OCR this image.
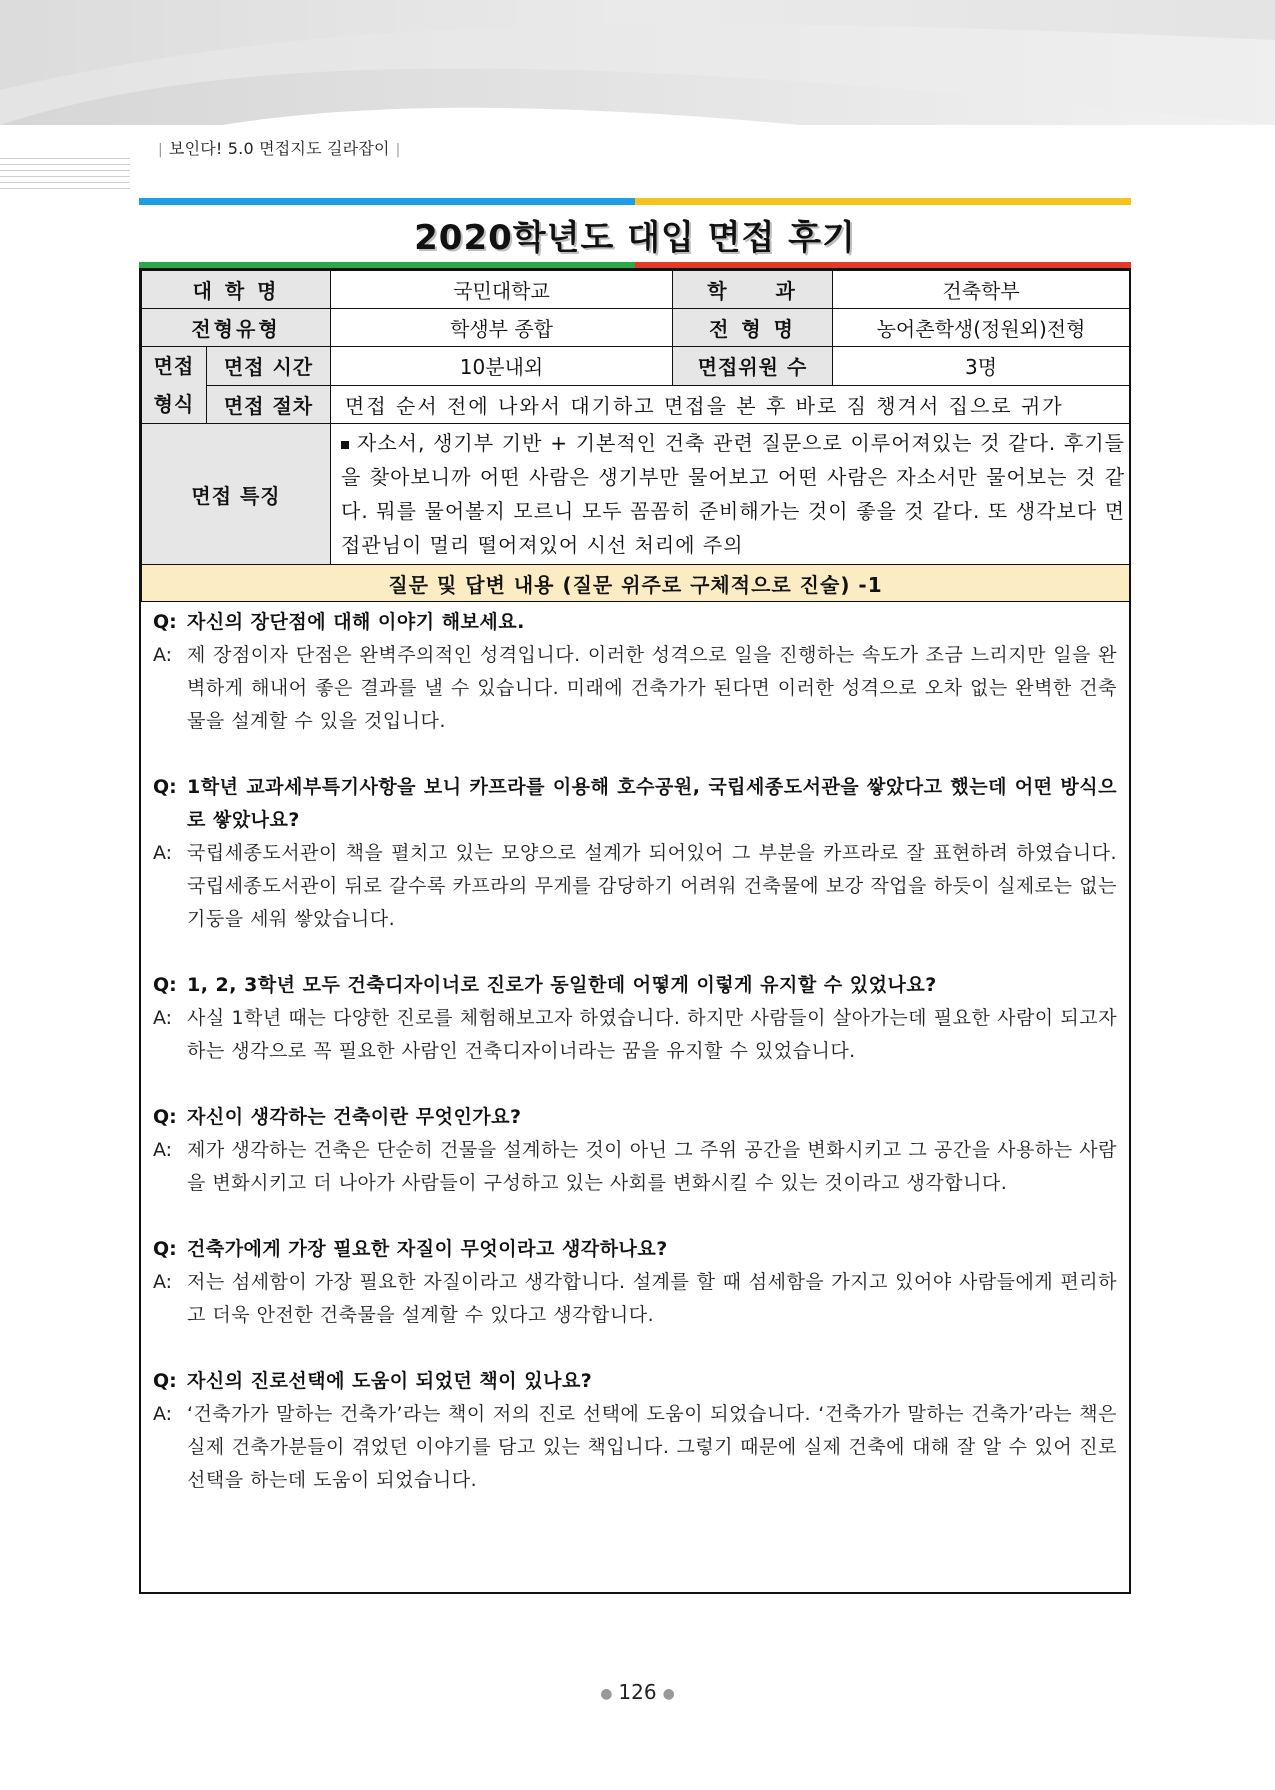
| 보인다! 5.0 면접지도 길라잡이 |
2020학년도 대입 면접 후기
대 학 명		국민대학교	학　　과	건축학부
전형유형		학생부 종합	전 형 명	농어촌학생(정원외)전형
면접 형식	면접 시간	10분내외	면접위원 수	3명
	면접 절차	면접 순서 전에 나와서 대기하고 면접을 본 후 바로 짐 챙겨서 집으로 귀가		
면접 특징		자소서, 생기부 기반 + 기본적인 건축 관련 질문으로 이루어져있는 것 같다. 후기들을 찾아보니까 어떤 사람은 생기부만 물어보고 어떤 사람은 자소서만 물어보는 것 같다. 뭐를 물어볼지 모르니 모두 꼼꼼히 준비해가는 것이 좋을 것 같다. 또 생각보다 면접관님이 멀리 떨어져있어 시선 처리에 주의		
질문 및 답변 내용 (질문 위주로 구체적으로 진술) -1				
Q: 자신의 장단점에 대해 이야기 해보세요.
A: 제 장점이자 단점은 완벽주의적인 성격입니다. 이러한 성격으로 일을 진행하는 속도가 조금 느리지만 일을 완벽하게 해내어 좋은 결과를 낼 수 있습니다. 미래에 건축가가 된다면 이러한 성격으로 오차 없는 완벽한 건축물을 설계할 수 있을 것입니다.
Q: 1학년 교과세부특기사항을 보니 카프라를 이용해 호수공원, 국립세종도서관을 쌓았다고 했는데 어떤 방식으로 쌓았나요?
A: 국립세종도서관이 책을 펼치고 있는 모양으로 설계가 되어있어 그 부분을 카프라로 잘 표현하려 하였습니다. 국립세종도서관이 뒤로 갈수록 카프라의 무게를 감당하기 어려워 건축물에 보강 작업을 하듯이 실제로는 없는 기둥을 세워 쌓았습니다.
Q: 1, 2, 3학년 모두 건축디자이너로 진로가 동일한데 어떻게 이렇게 유지할 수 있었나요?
A: 사실 1학년 때는 다양한 진로를 체험해보고자 하였습니다. 하지만 사람들이 살아가는데 필요한 사람이 되고자하는 생각으로 꼭 필요한 사람인 건축디자이너라는 꿈을 유지할 수 있었습니다.
Q: 자신이 생각하는 건축이란 무엇인가요?
A: 제가 생각하는 건축은 단순히 건물을 설계하는 것이 아닌 그 주위 공간을 변화시키고 그 공간을 사용하는 사람을 변화시키고 더 나아가 사람들이 구성하고 있는 사회를 변화시킬 수 있는 것이라고 생각합니다.
Q: 건축가에게 가장 필요한 자질이 무엇이라고 생각하나요?
A: 저는 섬세함이 가장 필요한 자질이라고 생각합니다. 설계를 할 때 섬세함을 가지고 있어야 사람들에게 편리하고 더욱 안전한 건축물을 설계할 수 있다고 생각합니다.
Q: 자신의 진로선택에 도움이 되었던 책이 있나요?
A: ‘건축가가 말하는 건축가’라는 책이 저의 진로 선택에 도움이 되었습니다. ‘건축가가 말하는 건축가’라는 책은 실제 건축가분들이 겪었던 이야기를 담고 있는 책입니다. 그렇기 때문에 실제 건축에 대해 잘 알 수 있어 진로선택을 하는데 도움이 되었습니다.
● 126 ●
